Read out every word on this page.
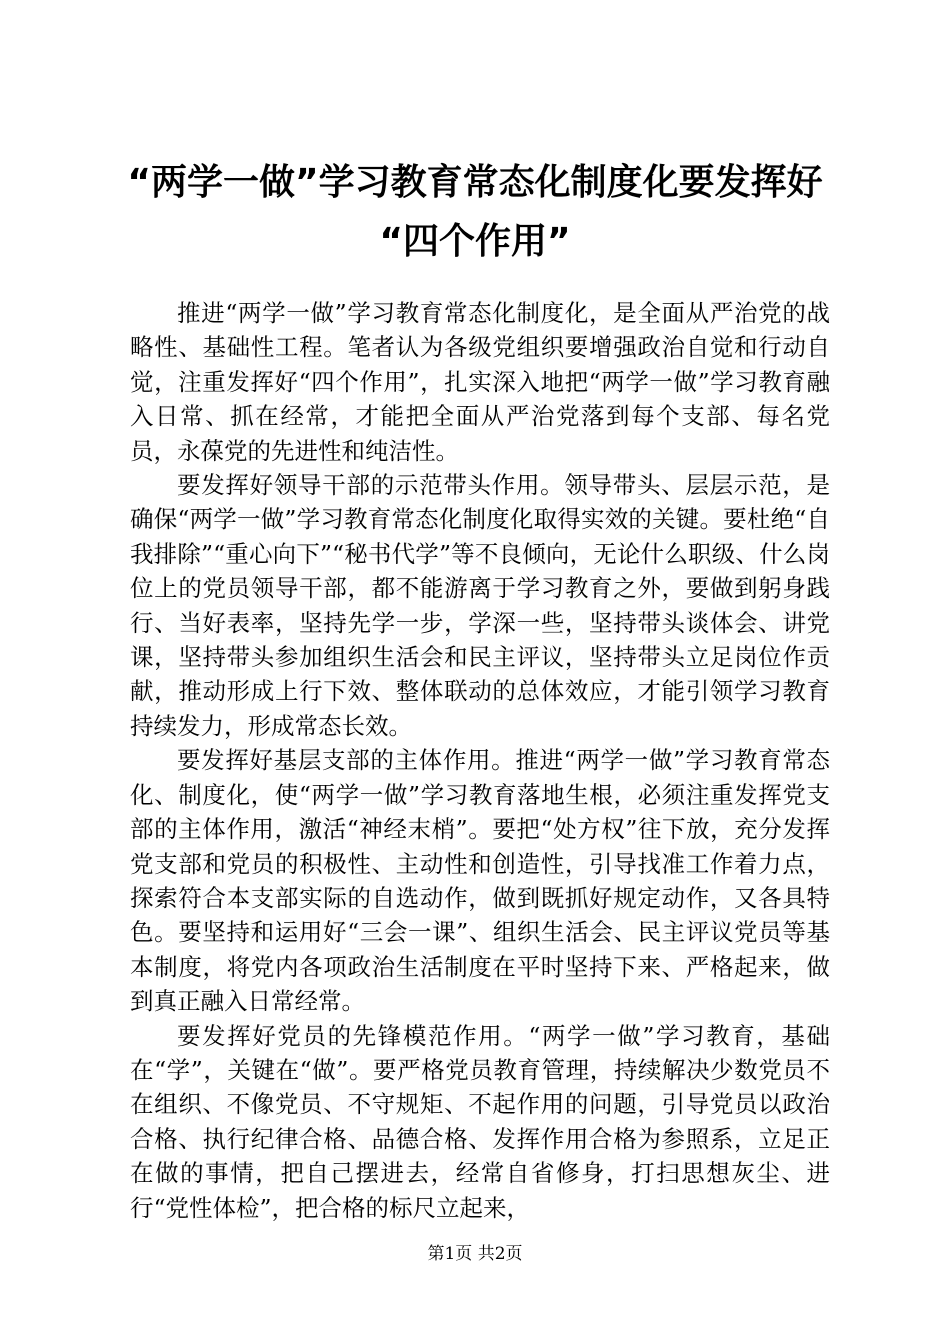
“两学一做”学习教育常态化制度化要发挥好
“四个作用”

推进“两学一做”学习教育常态化制度化，是全面从严治党的战略性、基础性工程。笔者认为各级党组织要增强政治自觉和行动自觉，注重发挥好“四个作用”，扎实深入地把“两学一做”学习教育融入日常、抓在经常，才能把全面从严治党落到每个支部、每名党员，永葆党的先进性和纯洁性。

要发挥好领导干部的示范带头作用。领导带头、层层示范，是确保“两学一做”学习教育常态化制度化取得实效的关键。要杜绝“自我排除”“重心向下”“秘书代学”等不良倾向，无论什么职级、什么岗位上的党员领导干部，都不能游离于学习教育之外，要做到躬身践行、当好表率，坚持先学一步，学深一些，坚持带头谈体会、讲党课，坚持带头参加组织生活会和民主评议，坚持带头立足岗位作贡献，推动形成上行下效、整体联动的总体效应，才能引领学习教育持续发力，形成常态长效。

要发挥好基层支部的主体作用。推进“两学一做”学习教育常态化、制度化，使“两学一做”学习教育落地生根，必须注重发挥党支部的主体作用，激活“神经末梢”。要把“处方权”往下放，充分发挥党支部和党员的积极性、主动性和创造性，引导找准工作着力点，探索符合本支部实际的自选动作，做到既抓好规定动作，又各具特色。要坚持和运用好“三会一课”、组织生活会、民主评议党员等基本制度，将党内各项政治生活制度在平时坚持下来、严格起来，做到真正融入日常经常。

要发挥好党员的先锋模范作用。“两学一做”学习教育，基础在“学”，关键在“做”。要严格党员教育管理，持续解决少数党员不在组织、不像党员、不守规矩、不起作用的问题，引导党员以政治合格、执行纪律合格、品德合格、发挥作用合格为参照系，立足正在做的事情，把自己摆进去，经常自省修身，打扫思想灰尘、进行“党性体检”，把合格的标尺立起来，

第1页 共2页
